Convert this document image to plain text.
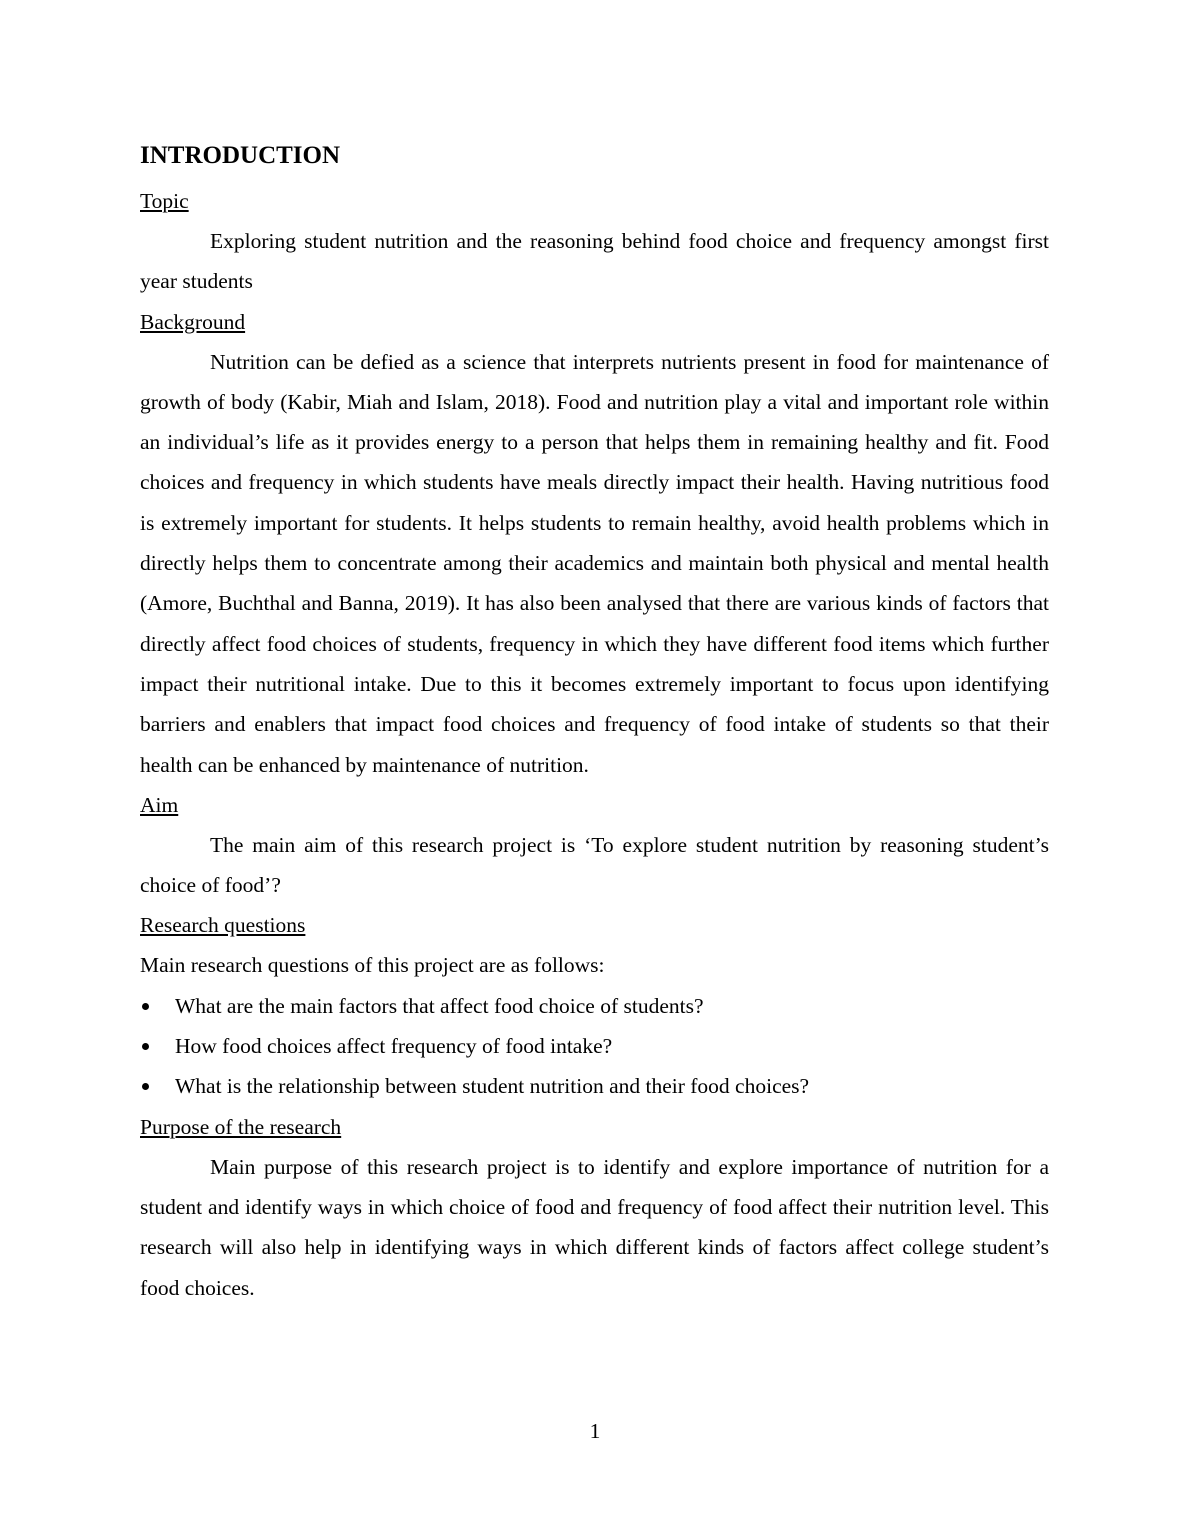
INTRODUCTION
Topic

Exploring student nutrition and the reasoning behind food choice and frequency amongst first year students

Background

Nutrition can be defied as a science that interprets nutrients present in food for maintenance of growth of body (Kabir, Miah and Islam, 2018). Food and nutrition play a vital and important role within an individual’s life as it provides energy to a person that helps them in remaining healthy and fit. Food choices and frequency in which students have meals directly impact their health. Having nutritious food is extremely important for students. It helps students to remain healthy, avoid health problems which in directly helps them to concentrate among their academics and maintain both physical and mental health (Amore, Buchthal and Banna, 2019). It has also been analysed that there are various kinds of factors that directly affect food choices of students, frequency in which they have different food items which further impact their nutritional intake. Due to this it becomes extremely important to focus upon identifying barriers and enablers that impact food choices and frequency of food intake of students so that their health can be enhanced by maintenance of nutrition.

Aim

The main aim of this research project is ‘To explore student nutrition by reasoning student’s choice of food’?

Research questions

Main research questions of this project are as follows:

What are the main factors that affect food choice of students?
How food choices affect frequency of food intake?
What is the relationship between student nutrition and their food choices?
Purpose of the research

Main purpose of this research project is to identify and explore importance of nutrition for a student and identify ways in which choice of food and frequency of food affect their nutrition level. This research will also help in identifying ways in which different kinds of factors affect college student’s food choices.

1
